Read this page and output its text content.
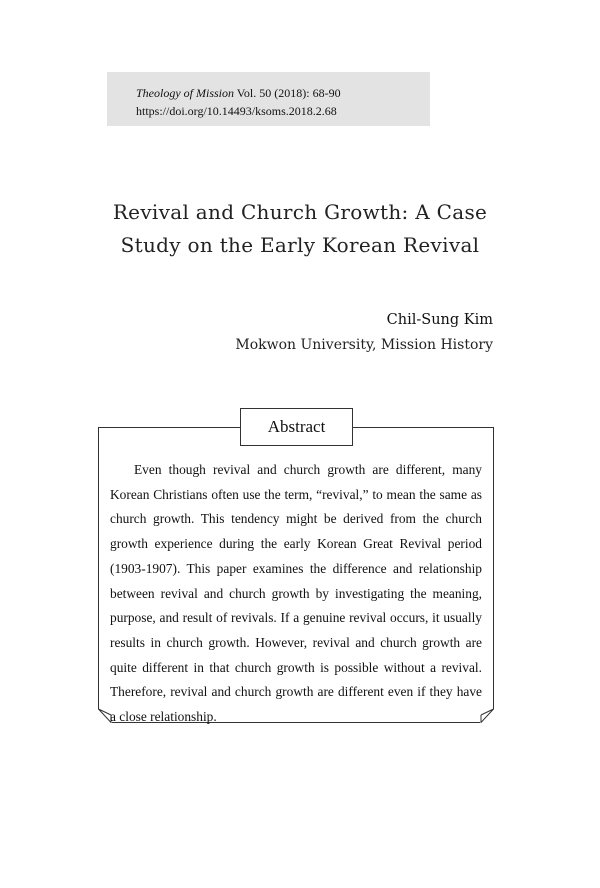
Theology of Mission Vol. 50 (2018): 68-90
https://doi.org/10.14493/ksoms.2018.2.68
Revival and Church Growth: A Case
Study on the Early Korean Revival
Chil-Sung Kim
Mokwon University, Mission History
Abstract

Even though revival and church growth are different, many Korean Christians often use the term, “revival,” to mean the same as church growth. This tendency might be derived from the church growth experience during the early Korean Great Revival period (1903-1907). This paper examines the difference and relationship between revival and church growth by investigating the meaning, purpose, and result of revivals. If a genuine revival occurs, it usually results in church growth. However, revival and church growth are quite different in that church growth is possible without a revival. Therefore, revival and church growth are different even if they have a close relationship.
